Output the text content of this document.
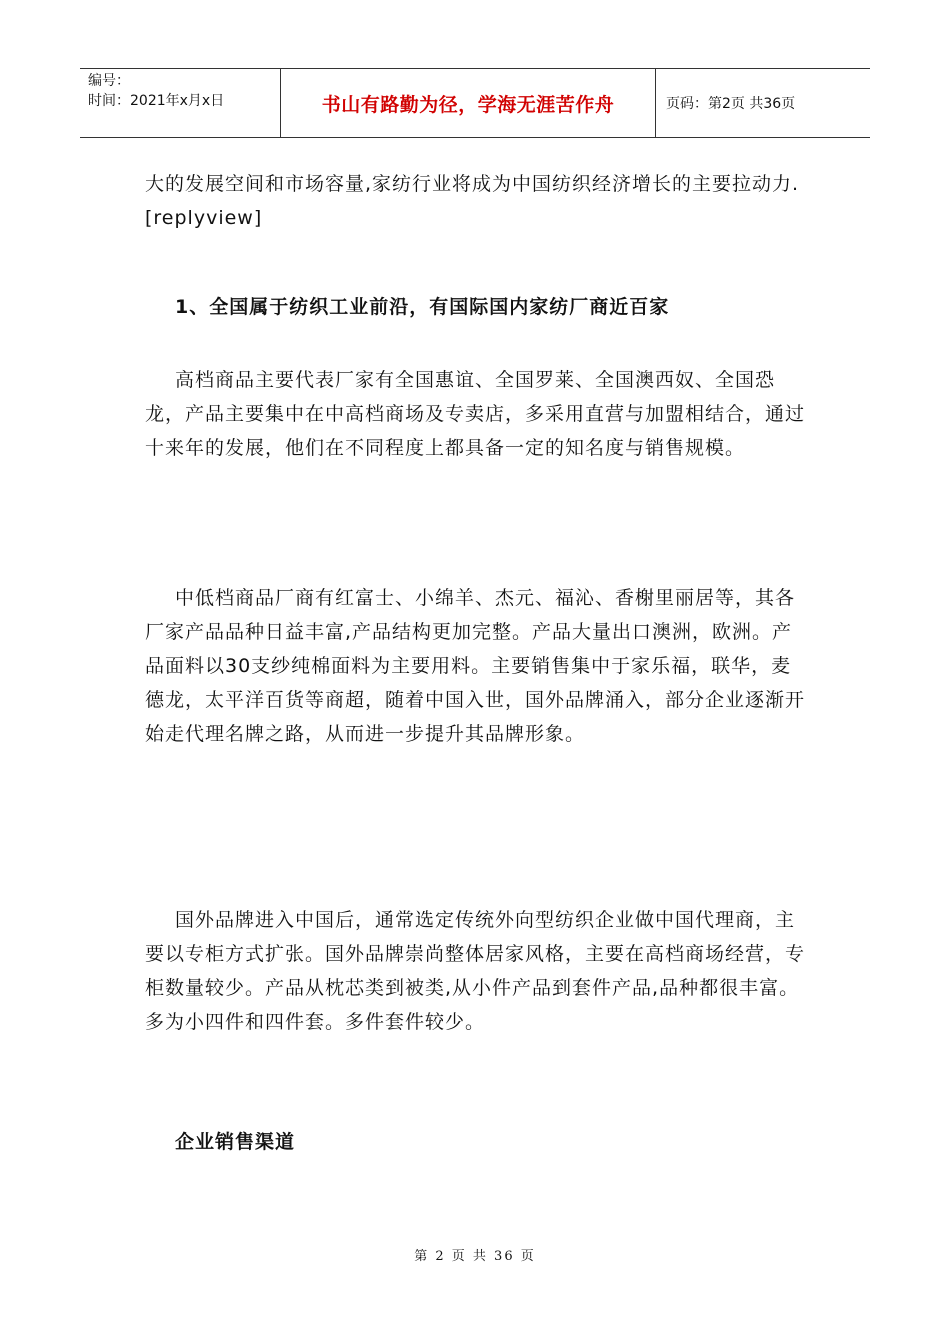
编号：
时间：2021年x月x日	书山有路勤为径，学海无涯苦作舟	页码：第2页 共36页

大的发展空间和市场容量,家纺行业将成为中国纺织经济增长的主要拉动力.[replyview]

1、全国属于纺织工业前沿，有国际国内家纺厂商近百家

高档商品主要代表厂家有全国惠谊、全国罗莱、全国澳西奴、全国恐龙，产品主要集中在中高档商场及专卖店，多采用直营与加盟相结合，通过十来年的发展，他们在不同程度上都具备一定的知名度与销售规模。

中低档商品厂商有红富士、小绵羊、杰元、福沁、香榭里丽居等，其各厂家产品品种日益丰富,产品结构更加完整。产品大量出口澳洲，欧洲。产品面料以30支纱纯棉面料为主要用料。主要销售集中于家乐福，联华，麦德龙，太平洋百货等商超，随着中国入世，国外品牌涌入，部分企业逐渐开始走代理名牌之路，从而进一步提升其品牌形象。

国外品牌进入中国后，通常选定传统外向型纺织企业做中国代理商，主要以专柜方式扩张。国外品牌崇尚整体居家风格，主要在高档商场经营，专柜数量较少。产品从枕芯类到被类,从小件产品到套件产品,品种都很丰富。多为小四件和四件套。多件套件较少。

企业销售渠道

第 2 页 共 36 页
